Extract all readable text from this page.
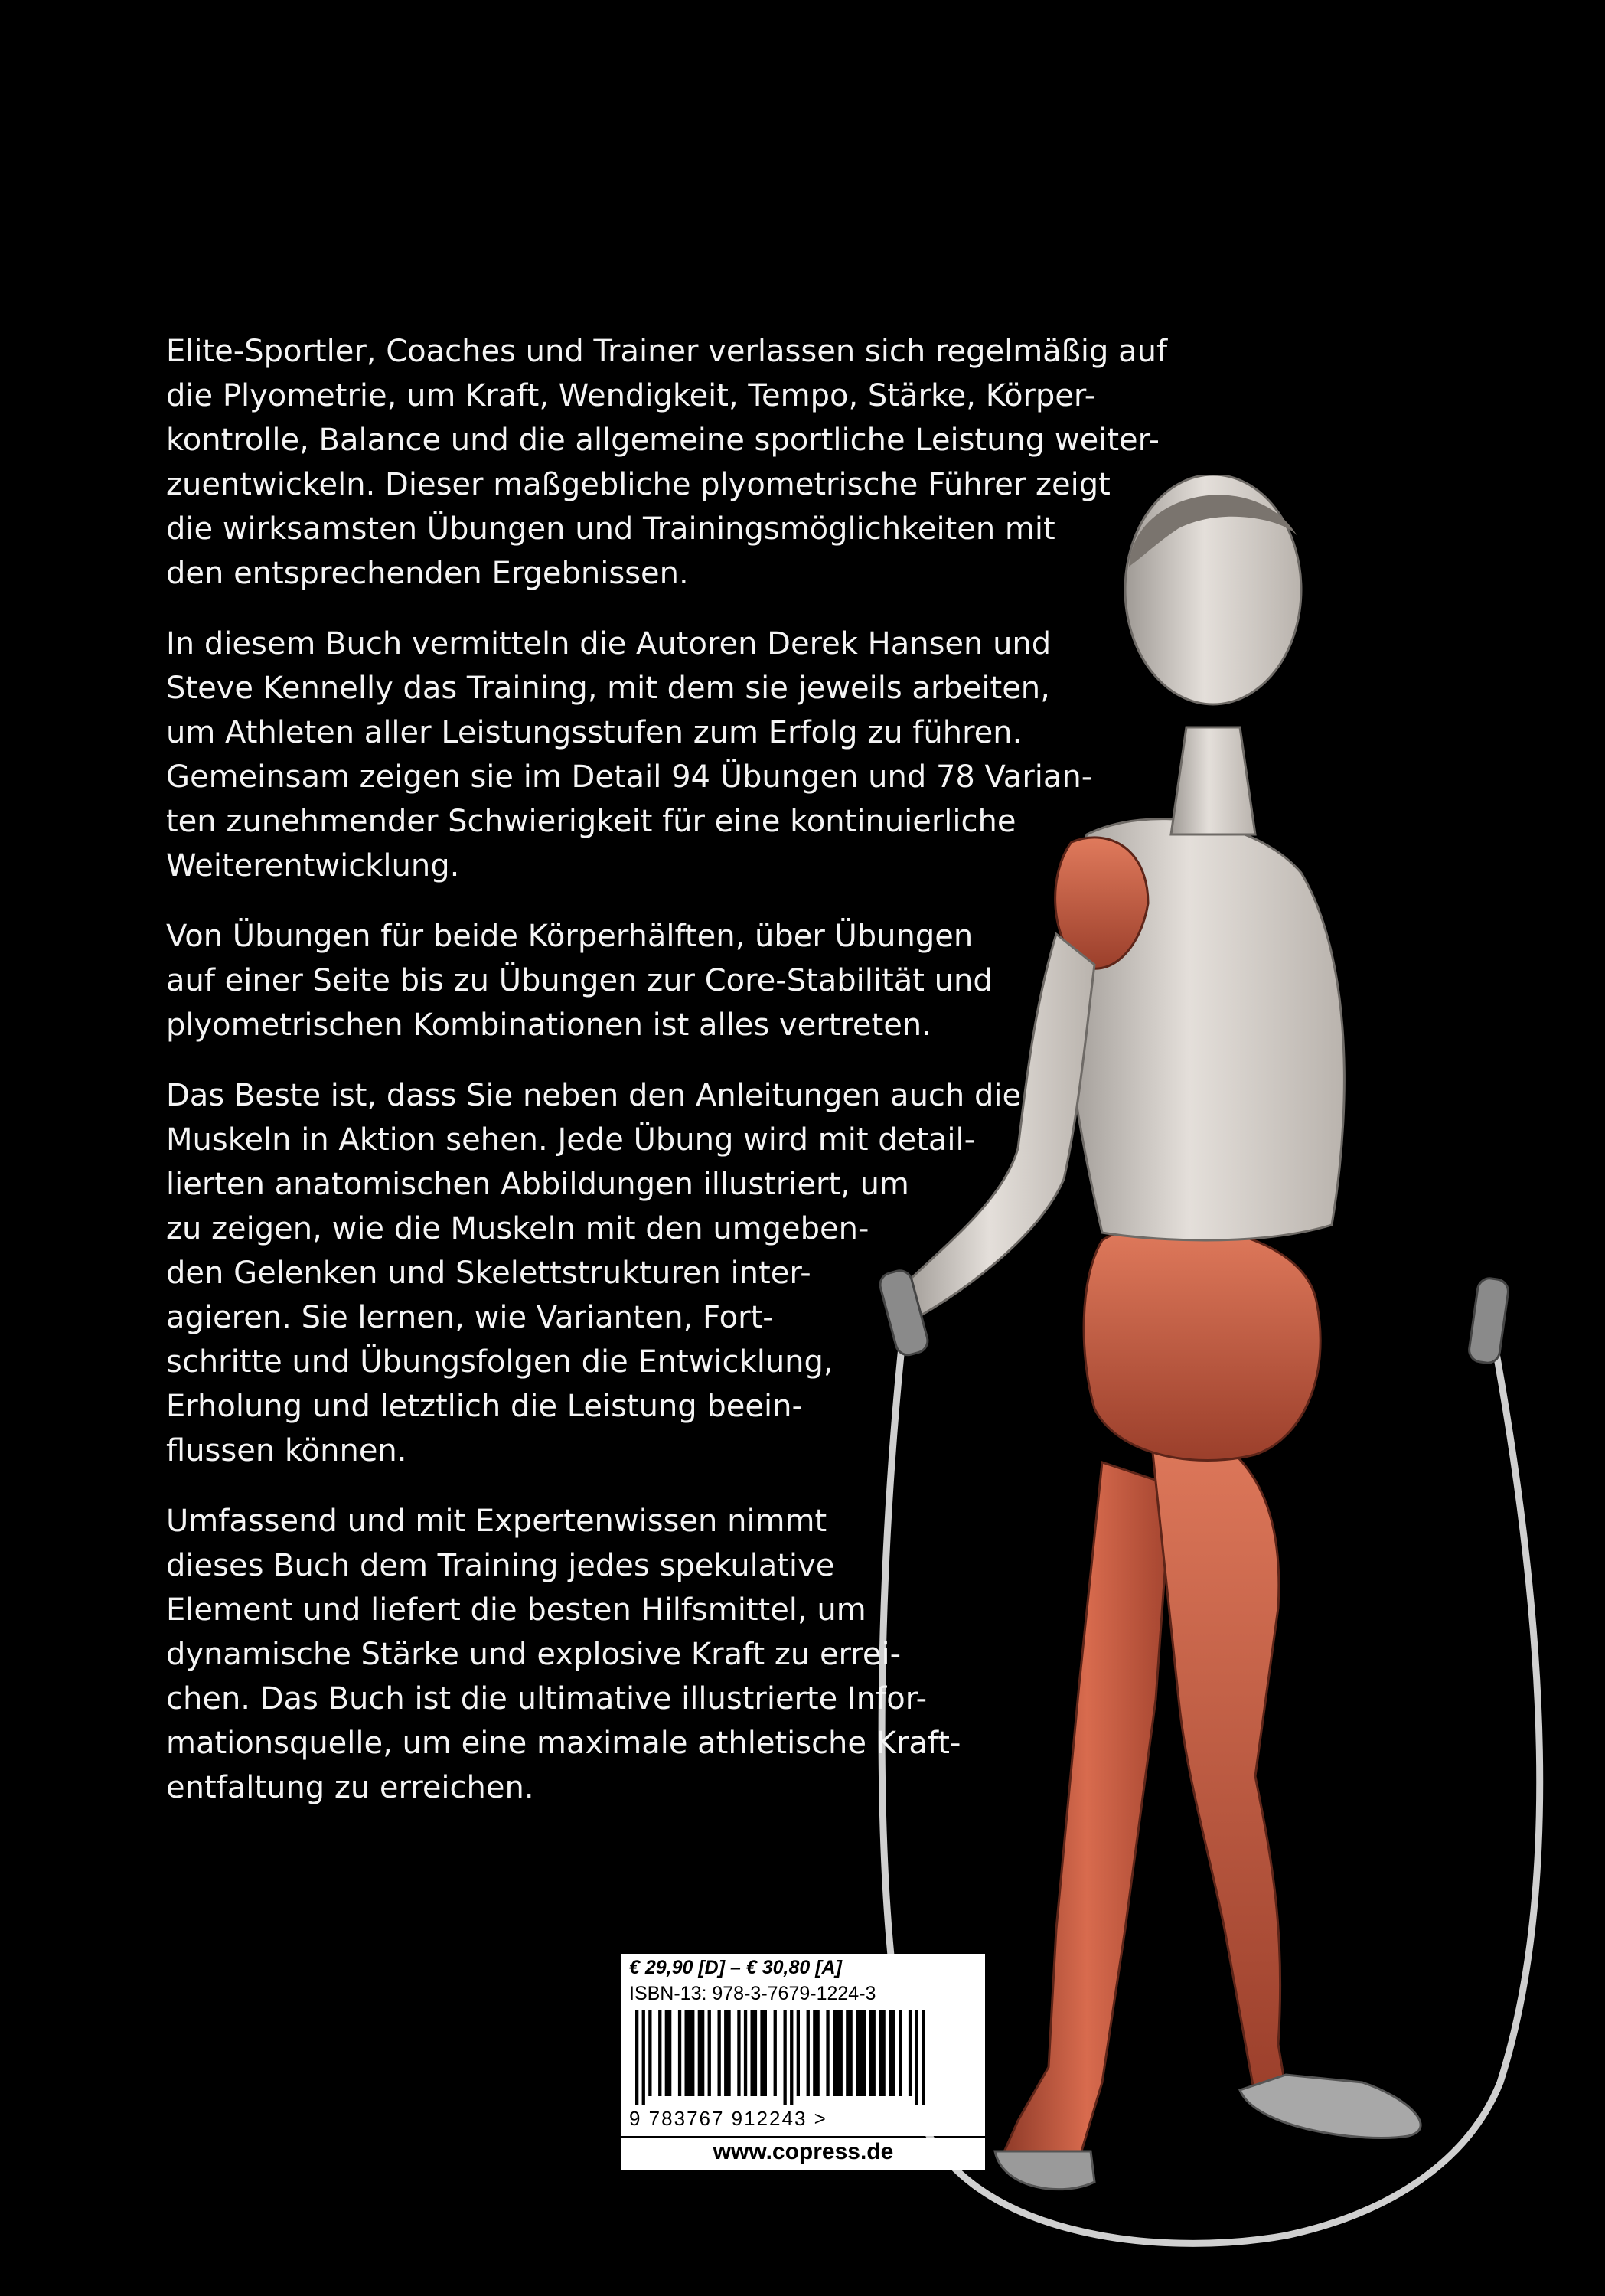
Elite-Sportler, Coaches und Trainer verlassen sich regelmäßig auf
die Plyometrie, um Kraft, Wendigkeit, Tempo, Stärke, Körper-
kontrolle, Balance und die allgemeine sportliche Leistung weiter-
zuentwickeln. Dieser maßgebliche plyometrische Führer zeigt
die wirksamsten Übungen und Trainingsmöglichkeiten mit
den entsprechenden Ergebnissen.

In diesem Buch vermitteln die Autoren Derek Hansen und
Steve Kennelly das Training, mit dem sie jeweils arbeiten,
um Athleten aller Leistungsstufen zum Erfolg zu führen.
Gemeinsam zeigen sie im Detail 94 Übungen und 78 Varian-
ten zunehmender Schwierigkeit für eine kontinuierliche
Weiterentwicklung.

Von Übungen für beide Körperhälften, über Übungen
auf einer Seite bis zu Übungen zur Core-Stabilität und
plyometrischen Kombinationen ist alles vertreten.

Das Beste ist, dass Sie neben den Anleitungen auch die
Muskeln in Aktion sehen. Jede Übung wird mit detail-
lierten anatomischen Abbildungen illustriert, um
zu zeigen, wie die Muskeln mit den umgeben-
den Gelenken und Skelettstrukturen inter-
agieren. Sie lernen, wie Varianten, Fort-
schritte und Übungsfolgen die Entwicklung,
Erholung und letztlich die Leistung beein-
flussen können.

Umfassend und mit Expertenwissen nimmt
dieses Buch dem Training jedes spekulative
Element und liefert die besten Hilfsmittel, um
dynamische Stärke und explosive Kraft zu errei-
chen. Das Buch ist die ultimative illustrierte Infor-
mationsquelle, um eine maximale athletische Kraft-
entfaltung zu erreichen.

€ 29,90 [D] – € 30,80 [A]
ISBN-13: 978-3-7679-1224-3
9 783767 912243 >
www.copress.de
